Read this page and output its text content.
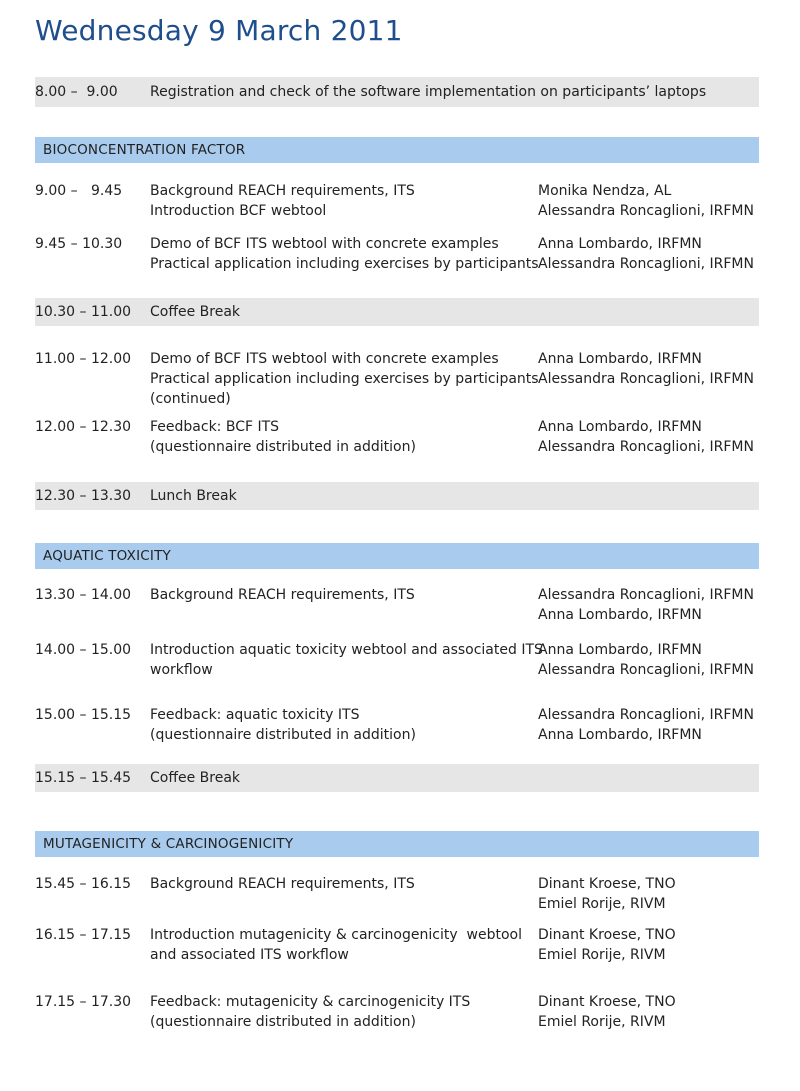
Wednesday 9 March 2011
8.00 –  9.00 Registration and check of the software implementation on participants’ laptops
BIOCONCENTRATION FACTOR
9.00 –   9.45 Background REACH requirements, ITS
Introduction BCF webtool
Monika Nendza, AL
Alessandra Roncaglioni, IRFMN
9.45 – 10.30 Demo of BCF ITS webtool with concrete examples
Practical application including exercises by participants
Anna Lombardo, IRFMN
Alessandra Roncaglioni, IRFMN
10.30 – 11.00 Coffee Break
11.00 – 12.00 Demo of BCF ITS webtool with concrete examples
Practical application including exercises by participants
(continued)
Anna Lombardo, IRFMN
Alessandra Roncaglioni, IRFMN
12.00 – 12.30 Feedback: BCF ITS
(questionnaire distributed in addition)
Anna Lombardo, IRFMN
Alessandra Roncaglioni, IRFMN
12.30 – 13.30 Lunch Break
AQUATIC TOXICITY
13.30 – 14.00 Background REACH requirements, ITS	Alessandra Roncaglioni, IRFMN
Anna Lombardo, IRFMN
14.00 – 15.00 Introduction aquatic toxicity webtool and associated ITS
workflow
Anna Lombardo, IRFMN
Alessandra Roncaglioni, IRFMN
15.00 – 15.15 Feedback: aquatic toxicity ITS
(questionnaire distributed in addition)
Alessandra Roncaglioni, IRFMN
Anna Lombardo, IRFMN
15.15 – 15.45 Coffee Break
MUTAGENICITY & CARCINOGENICITY
15.45 – 16.15 Background REACH requirements, ITS	Dinant Kroese, TNO
Emiel Rorije, RIVM
16.15 – 17.15 Introduction mutagenicity & carcinogenicity  webtool
and associated ITS workflow
Dinant Kroese, TNO
Emiel Rorije, RIVM
17.15 – 17.30 Feedback: mutagenicity & carcinogenicity ITS
(questionnaire distributed in addition)
Dinant Kroese, TNO
Emiel Rorije, RIVM
